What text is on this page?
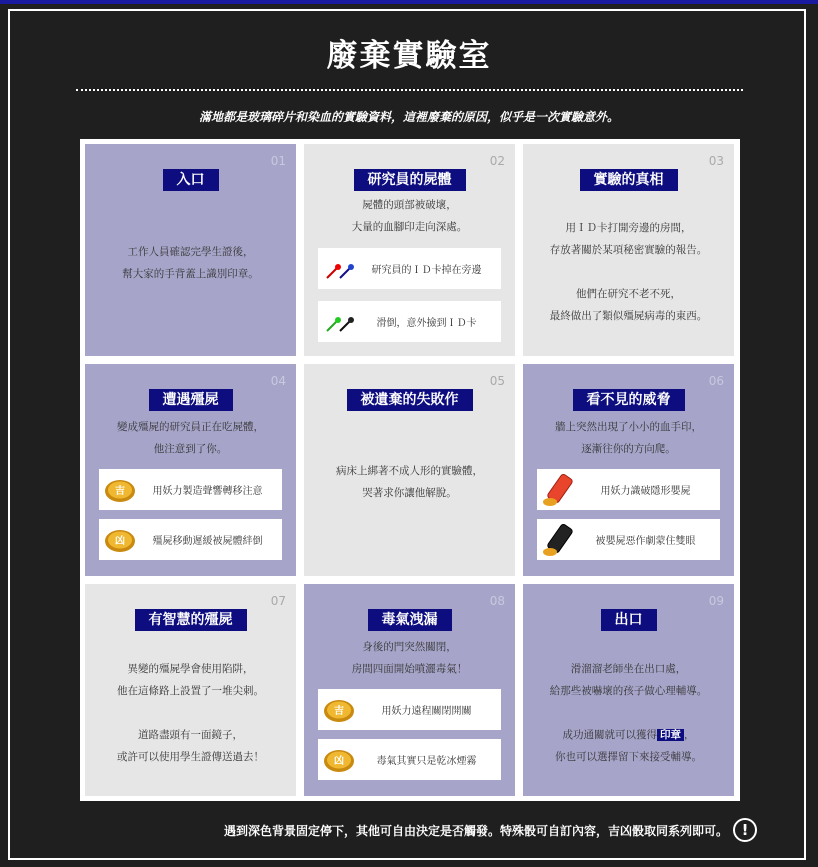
廢棄實驗室
滿地都是玻璃碎片和染血的實驗資料，這裡廢棄的原因，似乎是一次實驗意外。
01
入口
工作人員確認完學生證後，
幫大家的手背蓋上識別印章。
02
研究員的屍體
屍體的頭部被破壞，
大量的血腳印走向深處。
研究員的ＩＤ卡掉在旁邊
滑倒，意外撿到ＩＤ卡
03
實驗的真相
用ＩＤ卡打開旁邊的房間，
存放著關於某項秘密實驗的報告。
他們在研究不老不死，
最終做出了類似殭屍病毒的東西。
04
遭遇殭屍
變成殭屍的研究員正在吃屍體，
他注意到了你。
吉	用妖力製造聲響轉移注意
凶	殭屍移動遲緩被屍體絆倒
05
被遺棄的失敗作
病床上綁著不成人形的實驗體，
哭著求你讓他解脫。
06
看不見的威脅
牆上突然出現了小小的血手印，
逐漸往你的方向爬。
用妖力識破隱形嬰屍
被嬰屍惡作劇蒙住雙眼
07
有智慧的殭屍
異變的殭屍學會使用陷阱，
他在這條路上設置了一堆尖刺。
道路盡頭有一面鏡子，
或許可以使用學生證傳送過去！
08
毒氣洩漏
身後的門突然關閉，
房間四面開始噴灑毒氣！
吉	用妖力遠程關閉開關
凶	毒氣其實只是乾冰煙霧
09
出口
滑溜溜老師坐在出口處，
給那些被嚇壞的孩子做心理輔導。
成功通關就可以獲得 印章 ，
你也可以選擇留下來接受輔導。
遇到深色背景固定停下，其他可自由決定是否觸發。特殊骰可自訂內容，吉凶骰取同系列即可。 !
